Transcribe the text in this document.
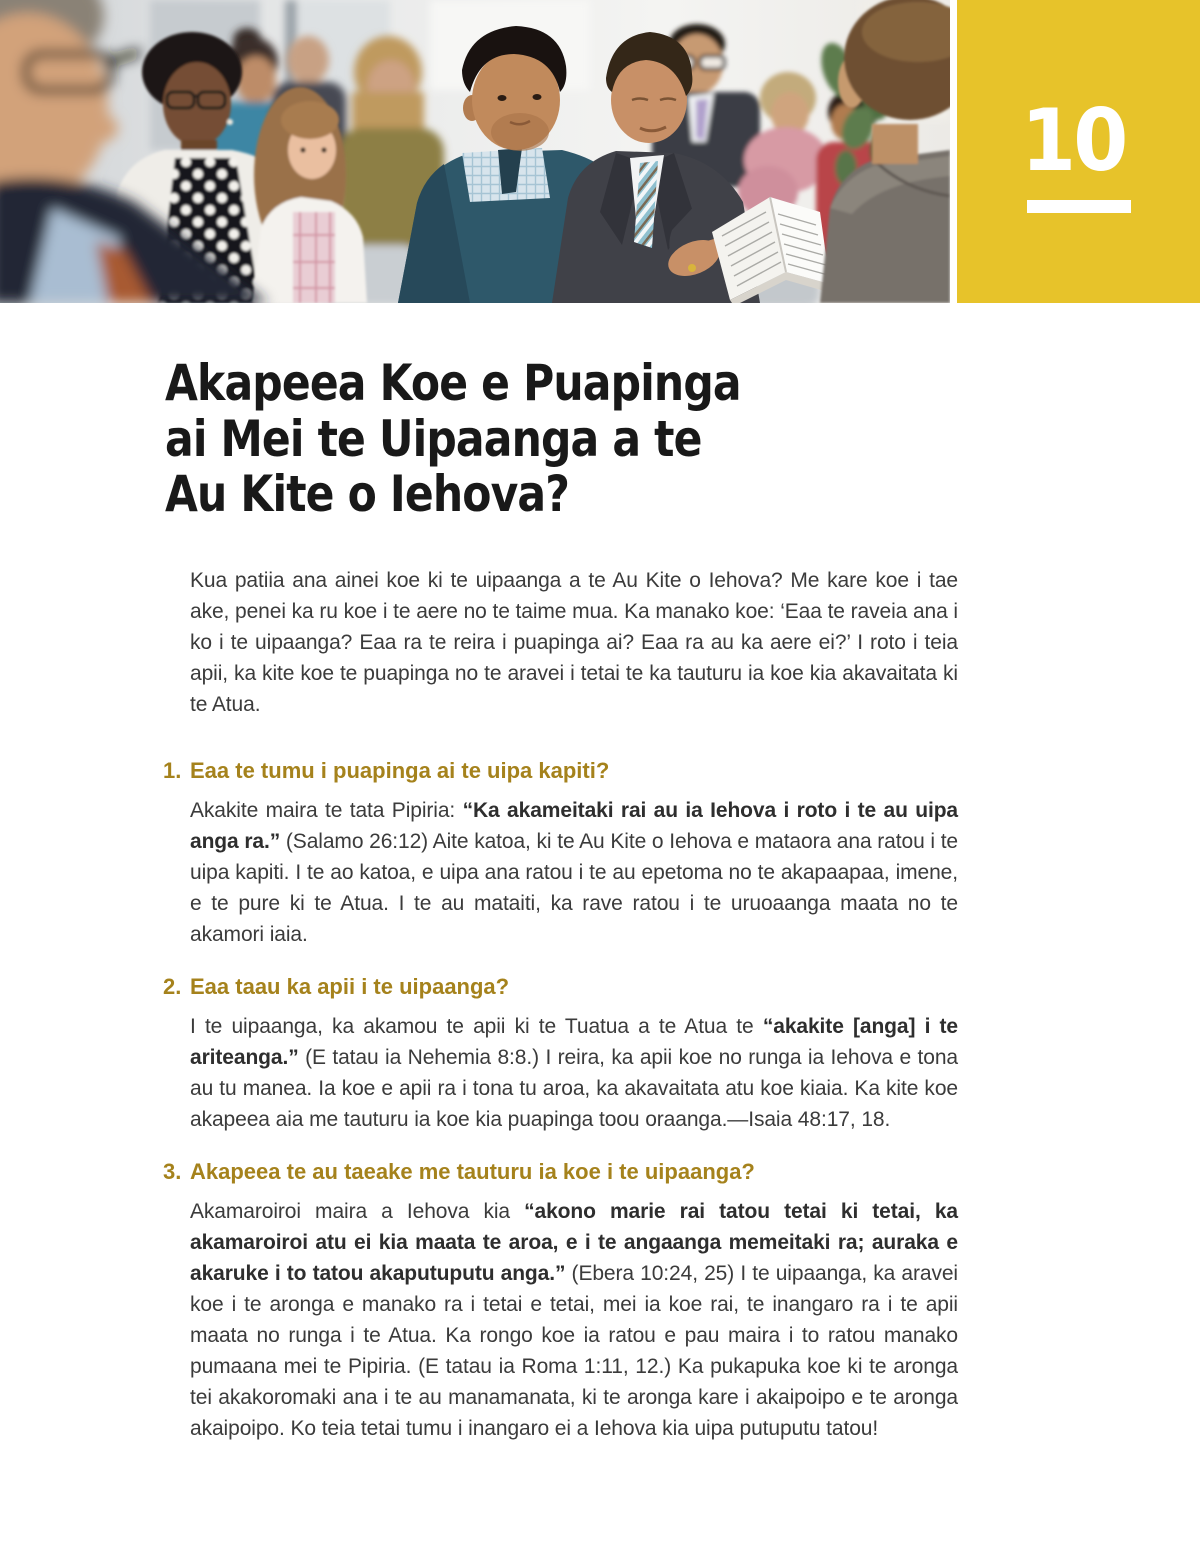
10
Akapeea Koe e Puapinga
ai Mei te Uipaanga a te
Au Kite o Iehova?

Kua patiia ana ainei koe ki te uipaanga a te Au Kite o Iehova? Me kare koe i tae ake, penei ka ru koe i te aere no te taime mua. Ka manako koe: ‘Eaa te raveia ana i ko i te uipaanga? Eaa ra te reira i puapinga ai? Eaa ra au ka aere ei?’ I roto i teia apii, ka kite koe te puapinga no te aravei i tetai te ka tauturu ia koe kia akavaitata ki te Atua.

1. Eaa te tumu i puapinga ai te uipa kapiti?

Akakite maira te tata Pipiria: “Ka akameitaki rai au ia Iehova i roto i te au uipa anga ra.” (Salamo 26:12) Aite katoa, ki te Au Kite o Iehova e mataora ana ratou i te uipa kapiti. I te ao katoa, e uipa ana ratou i te au epetoma no te akapaapaa, imene, e te pure ki te Atua. I te au mataiti, ka rave ratou i te uruoaanga maata no te akamori iaia.

2. Eaa taau ka apii i te uipaanga?

I te uipaanga, ka akamou te apii ki te Tuatua a te Atua te “akakite [anga] i te ariteanga.” (E tatau ia Nehemia 8:8.) I reira, ka apii koe no runga ia Iehova e tona au tu manea. Ia koe e apii ra i tona tu aroa, ka akavaitata atu koe kiaia. Ka kite koe akapeea aia me tauturu ia koe kia puapinga toou oraanga.—Isaia 48:17, 18.

3. Akapeea te au taeake me tauturu ia koe i te uipaanga?

Akamaroiroi maira a Iehova kia “akono marie rai tatou tetai ki tetai, ka akamaroiroi atu ei kia maata te aroa, e i te angaanga memeitaki ra; auraka e akaruke i to tatou akaputuputu anga.” (Ebera 10:24, 25) I te uipaanga, ka aravei koe i te aronga e manako ra i tetai e tetai, mei ia koe rai, te inangaro ra i te apii maata no runga i te Atua. Ka rongo koe ia ratou e pau maira i to ratou manako pumaana mei te Pipiria. (E tatau ia Roma 1:11, 12.) Ka pukapuka koe ki te aronga tei akakoromaki ana i te au manamanata, ki te aronga kare i akaipoipo e te aronga akaipoipo. Ko teia tetai tumu i inangaro ei a Iehova kia uipa putuputu tatou!
